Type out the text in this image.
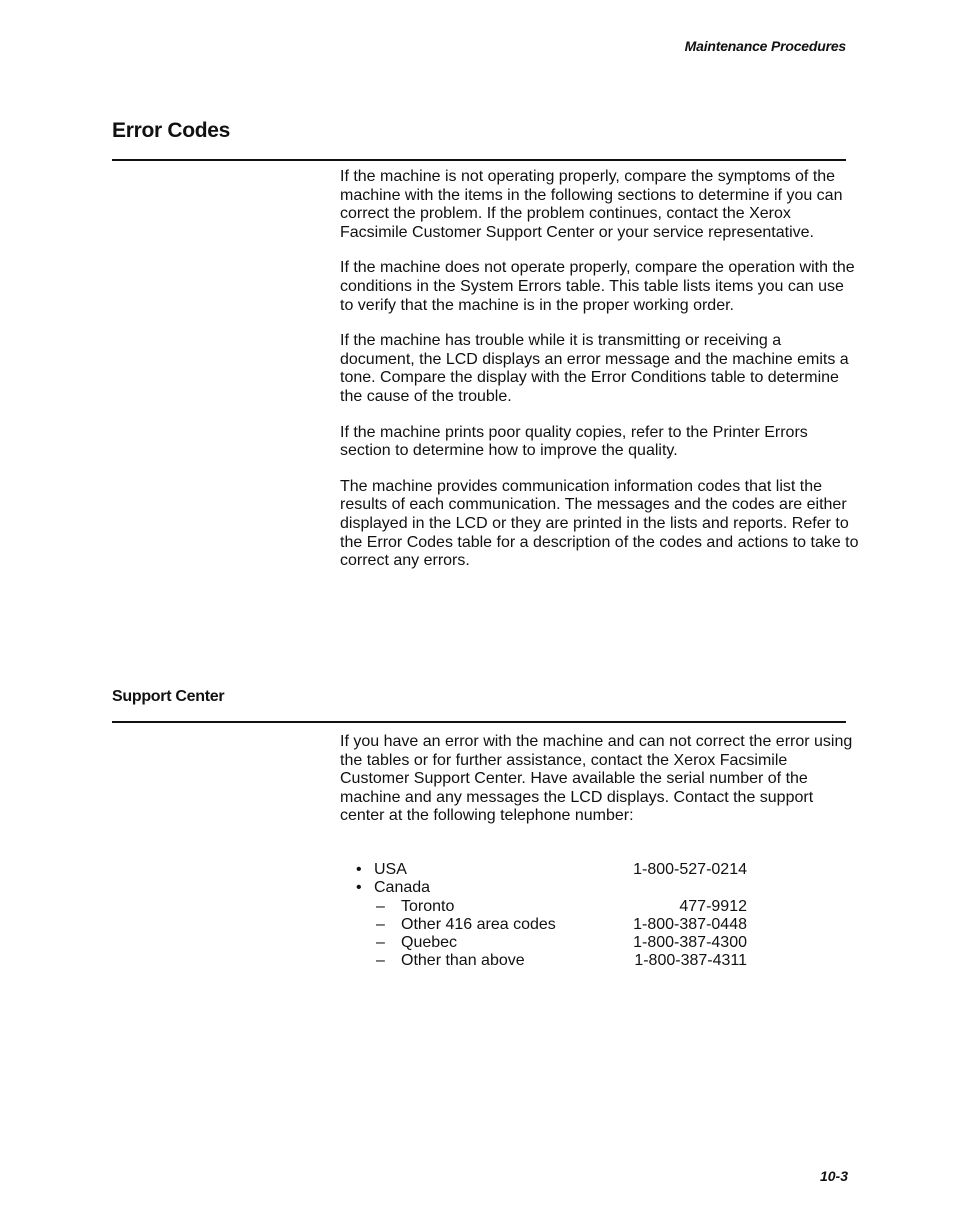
Maintenance Procedures
Error Codes

If the machine is not operating properly, compare the symptoms of the machine with the items in the following sections to determine if you can correct the problem. If the problem continues, contact the Xerox Facsimile Customer Support Center or your service representative.

If the machine does not operate properly, compare the operation with the conditions in the System Errors table. This table lists items you can use to verify that the machine is in the proper working order.

If the machine has trouble while it is transmitting or receiving a document, the LCD displays an error message and the machine emits a tone. Compare the display with the Error Conditions table to determine the cause of the trouble.

If the machine prints poor quality copies, refer to the Printer Errors section to determine how to improve the quality.

The machine provides communication information codes that list the results of each communication. The messages and the codes are either displayed in the LCD or they are printed in the lists and reports. Refer to the Error Codes table for a description of the codes and actions to take to correct any errors.

Support Center

If you have an error with the machine and can not correct the error using the tables or for further assistance, contact the Xerox Facsimile Customer Support Center. Have available the serial number of the machine and any messages the LCD displays. Contact the support center at the following telephone number:

• USA	1-800-527-0214
• Canada
– Toronto	477-9912
– Other 416 area codes	1-800-387-0448
– Quebec	1-800-387-4300
– Other than above	1-800-387-4311
10-3
